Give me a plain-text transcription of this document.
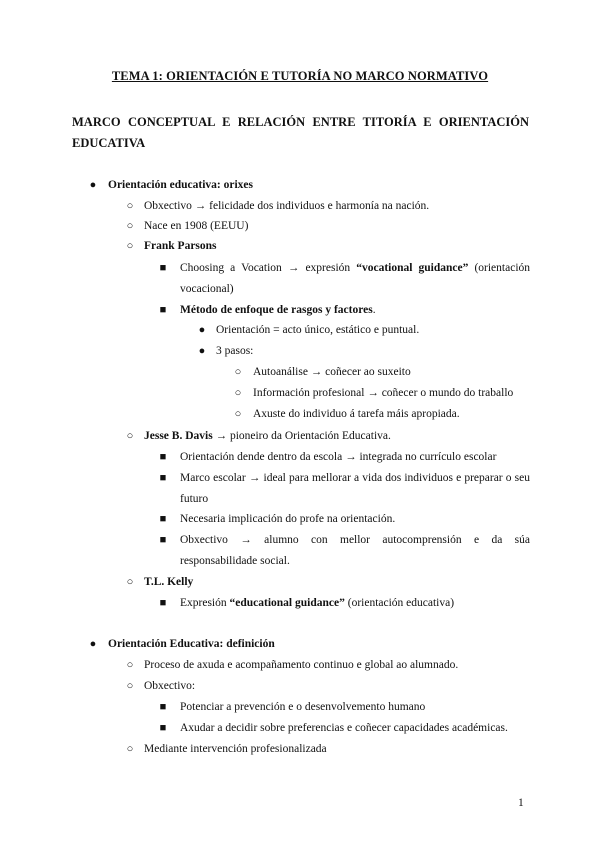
TEMA 1: ORIENTACIÓN E TUTORÍA NO MARCO NORMATIVO
MARCO CONCEPTUAL E RELACIÓN ENTRE TITORÍA E ORIENTACIÓN EDUCATIVA
●	Orientación educativa: orixes
○ Obxectivo → felicidade dos individuos e harmonía na nación.
○ Nace en 1908 (EEUU)
○ Frank Parsons
■	Choosing a Vocation → expresión “vocational guidance” (orientación vocacional)
■	Método de enfoque de rasgos y factores.
● Orientación = acto único, estático e puntual.
● 3 pasos:
○	Autoanálise → coñecer ao suxeito
○	Información profesional → coñecer o mundo do traballo
○	Axuste do individuo á tarefa máis apropiada.
○ Jesse B. Davis → pioneiro da Orientación Educativa.
■	Orientación dende dentro da escola → integrada no currículo escolar
■	Marco escolar → ideal para mellorar a vida dos individuos e preparar o seu futuro
■	Necesaria implicación do profe na orientación.
■	Obxectivo → alumno con mellor autocomprensión e da súa responsabilidade social.
○ T.L. Kelly
■	Expresión “educational guidance” (orientación educativa)
●	Orientación Educativa: definición
○ Proceso de axuda e acompañamento continuo e global ao alumnado.
○ Obxectivo:
■	Potenciar a prevención e o desenvolvemento humano
■	Axudar a decidir sobre preferencias e coñecer capacidades académicas.
○ Mediante intervención profesionalizada
1
